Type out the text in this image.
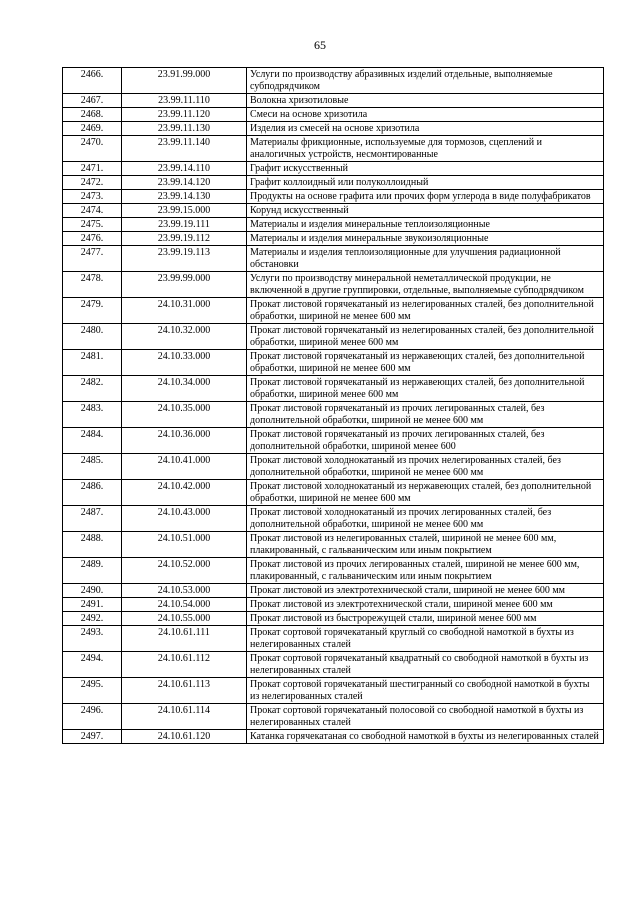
65
2466.	23.91.99.000	Услуги по производству абразивных изделий отдельные, выполняемые субподрядчиком
2467.	23.99.11.110	Волокна хризотиловые
2468.	23.99.11.120	Смеси на основе хризотила
2469.	23.99.11.130	Изделия из смесей на основе хризотила
2470.	23.99.11.140	Материалы фрикционные, используемые для тормозов, сцеплений и аналогичных устройств, несмонтированные
2471.	23.99.14.110	Графит искусственный
2472.	23.99.14.120	Графит коллоидный или полуколлоидный
2473.	23.99.14.130	Продукты на основе графита или прочих форм углерода в виде полуфабрикатов
2474.	23.99.15.000	Корунд искусственный
2475.	23.99.19.111	Материалы и изделия минеральные теплоизоляционные
2476.	23.99.19.112	Материалы и изделия минеральные звукоизоляционные
2477.	23.99.19.113	Материалы и изделия теплоизоляционные для улучшения радиационной обстановки
2478.	23.99.99.000	Услуги по производству минеральной неметаллической продукции, не включенной в другие группировки, отдельные, выполняемые субподрядчиком
2479.	24.10.31.000	Прокат листовой горячекатаный из нелегированных сталей, без дополнительной обработки, шириной не менее 600 мм
2480.	24.10.32.000	Прокат листовой горячекатаный из нелегированных сталей, без дополнительной обработки, шириной менее 600 мм
2481.	24.10.33.000	Прокат листовой горячекатаный из нержавеющих сталей, без дополнительной обработки, шириной не менее 600 мм
2482.	24.10.34.000	Прокат листовой горячекатаный из нержавеющих сталей, без дополнительной обработки, шириной менее 600 мм
2483.	24.10.35.000	Прокат листовой горячекатаный из прочих легированных сталей, без дополнительной обработки, шириной не менее 600 мм
2484.	24.10.36.000	Прокат листовой горячекатаный из прочих легированных сталей, без дополнительной обработки, шириной менее 600
2485.	24.10.41.000	Прокат листовой холоднокатаный из прочих нелегированных сталей, без дополнительной обработки, шириной не менее 600 мм
2486.	24.10.42.000	Прокат листовой холоднокатаный из нержавеющих сталей, без дополнительной обработки, шириной не менее 600 мм
2487.	24.10.43.000	Прокат листовой холоднокатаный из прочих легированных сталей, без дополнительной обработки, шириной не менее 600 мм
2488.	24.10.51.000	Прокат листовой из нелегированных сталей, шириной не менее 600 мм, плакированный, с гальваническим или иным покрытием
2489.	24.10.52.000	Прокат листовой из прочих легированных сталей, шириной не менее 600 мм, плакированный, с гальваническим или иным покрытием
2490.	24.10.53.000	Прокат листовой из электротехнической стали, шириной не менее 600 мм
2491.	24.10.54.000	Прокат листовой из электротехнической стали, шириной менее 600 мм
2492.	24.10.55.000	Прокат листовой из быстрорежущей стали, шириной менее 600 мм
2493.	24.10.61.111	Прокат сортовой горячекатаный круглый со свободной намоткой в бухты из нелегированных сталей
2494.	24.10.61.112	Прокат сортовой горячекатаный квадратный со свободной намоткой в бухты из нелегированных сталей
2495.	24.10.61.113	Прокат сортовой горячекатаный шестигранный со свободной намоткой в бухты из нелегированных сталей
2496.	24.10.61.114	Прокат сортовой горячекатаный полосовой со свободной намоткой в бухты из нелегированных сталей
2497.	24.10.61.120	Катанка горячекатаная со свободной намоткой в бухты из нелегированных сталей
